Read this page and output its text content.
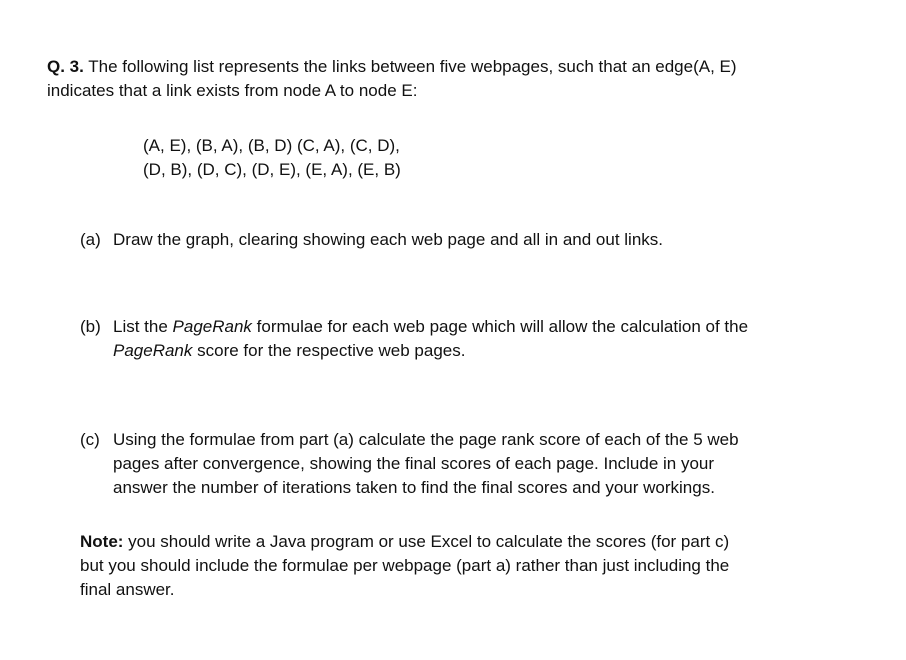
Q. 3. The following list represents the links between five webpages, such that an edge(A, E)
indicates that a link exists from node A to node E:
(A, E), (B, A), (B, D) (C, A), (C, D),
(D, B), (D, C), (D, E), (E, A), (E, B)
(a) Draw the graph, clearing showing each web page and all in and out links.
(b) List the PageRank formulae for each web page which will allow the calculation of the
PageRank score for the respective web pages.
(c) Using the formulae from part (a) calculate the page rank score of each of the 5 web
pages after convergence, showing the final scores of each page. Include in your
answer the number of iterations taken to find the final scores and your workings.
Note: you should write a Java program or use Excel to calculate the scores (for part c)
but you should include the formulae per webpage (part a) rather than just including the
final answer.
